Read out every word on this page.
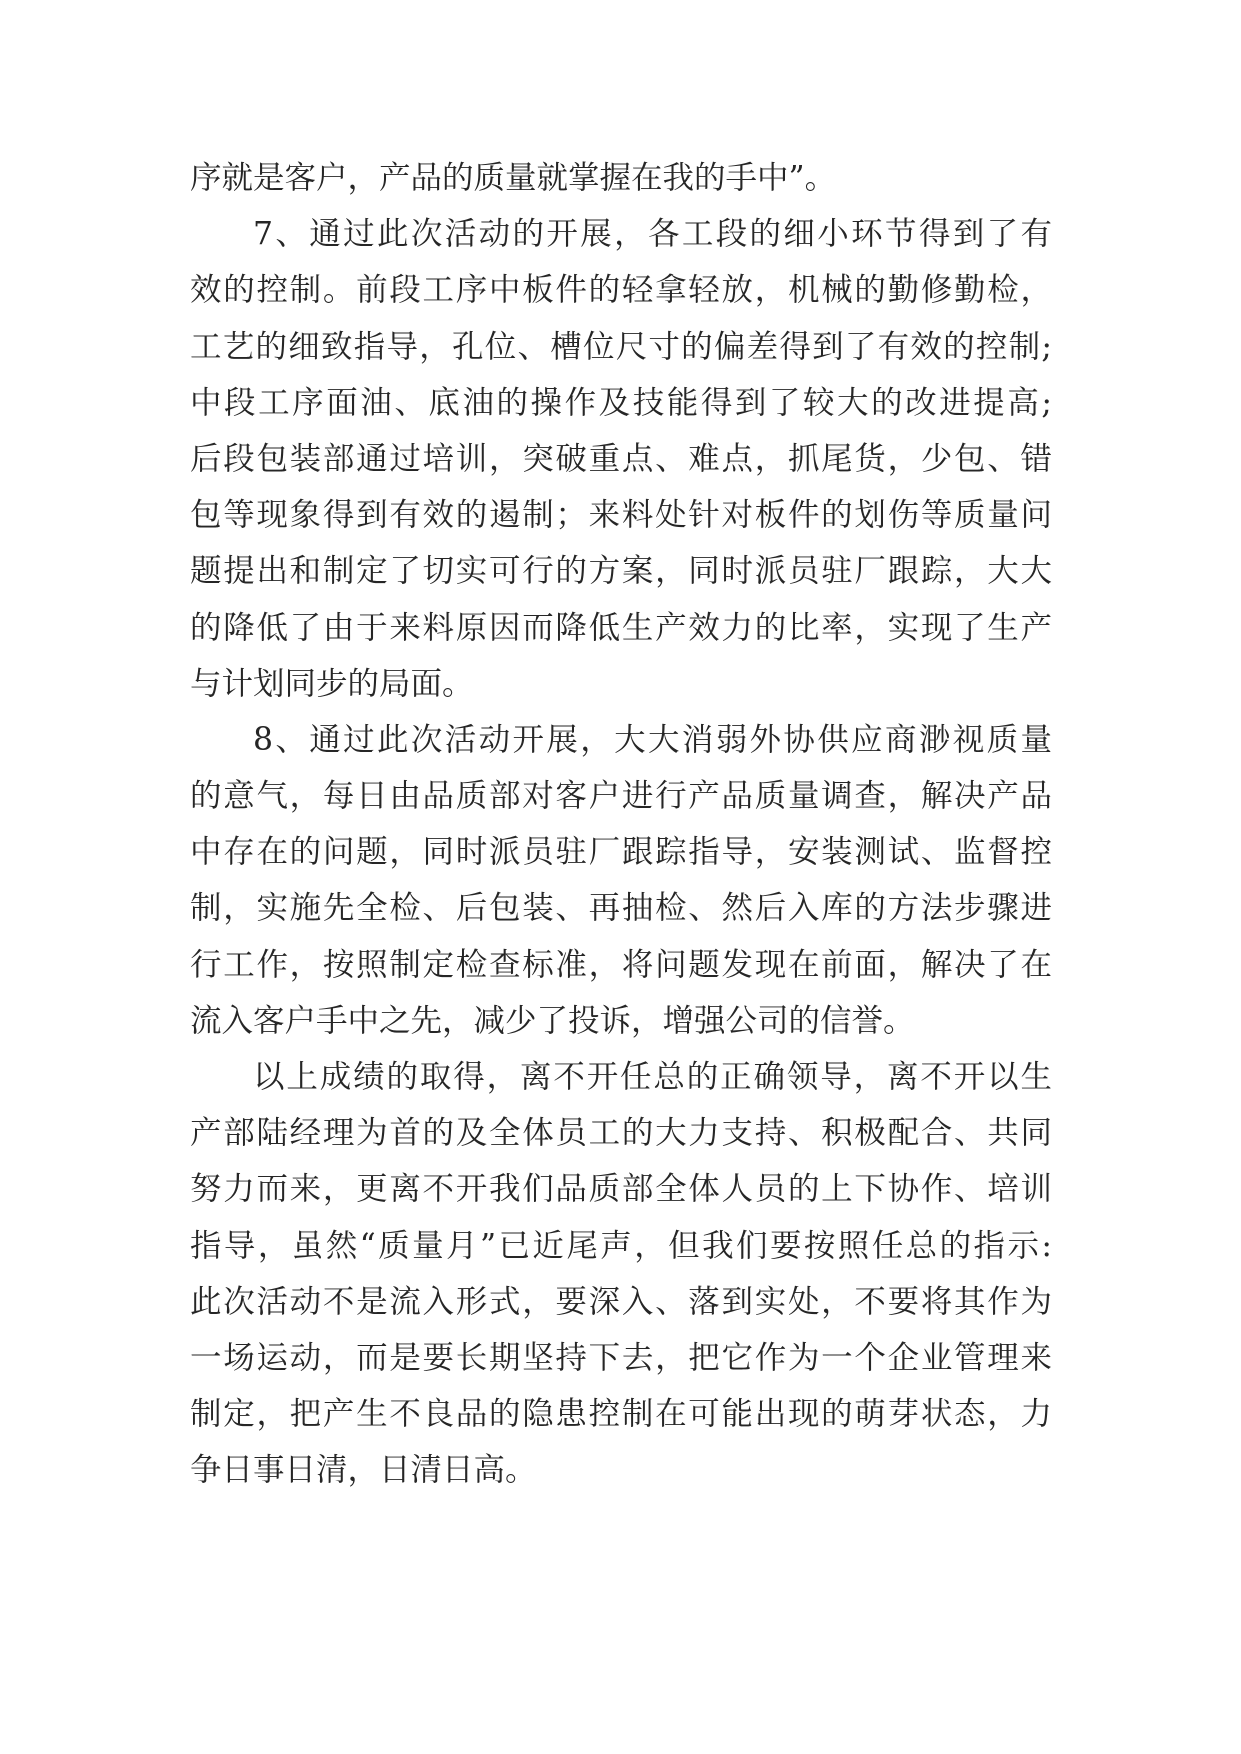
序就是客户，产品的质量就掌握在我的手中”。
7、通过此次活动的开展，各工段的细小环节得到了有
效的控制。前段工序中板件的轻拿轻放，机械的勤修勤检，
工艺的细致指导，孔位、槽位尺寸的偏差得到了有效的控制;
中段工序面油、底油的操作及技能得到了较大的改进提高;
后段包装部通过培训，突破重点、难点，抓尾货，少包、错
包等现象得到有效的遏制；来料处针对板件的划伤等质量问
题提出和制定了切实可行的方案，同时派员驻厂跟踪，大大
的降低了由于来料原因而降低生产效力的比率，实现了生产
与计划同步的局面。
8、通过此次活动开展，大大消弱外协供应商渺视质量
的意气，每日由品质部对客户进行产品质量调查，解决产品
中存在的问题，同时派员驻厂跟踪指导，安装测试、监督控
制，实施先全检、后包装、再抽检、然后入库的方法步骤进
行工作，按照制定检查标准，将问题发现在前面，解决了在
流入客户手中之先，减少了投诉，增强公司的信誉。
以上成绩的取得，离不开任总的正确领导，离不开以生
产部陆经理为首的及全体员工的大力支持、积极配合、共同
努力而来，更离不开我们品质部全体人员的上下协作、培训
指导，虽然“质量月”已近尾声，但我们要按照任总的指示:
此次活动不是流入形式，要深入、落到实处，不要将其作为
一场运动，而是要长期坚持下去，把它作为一个企业管理来
制定，把产生不良品的隐患控制在可能出现的萌芽状态，力
争日事日清，日清日高。
